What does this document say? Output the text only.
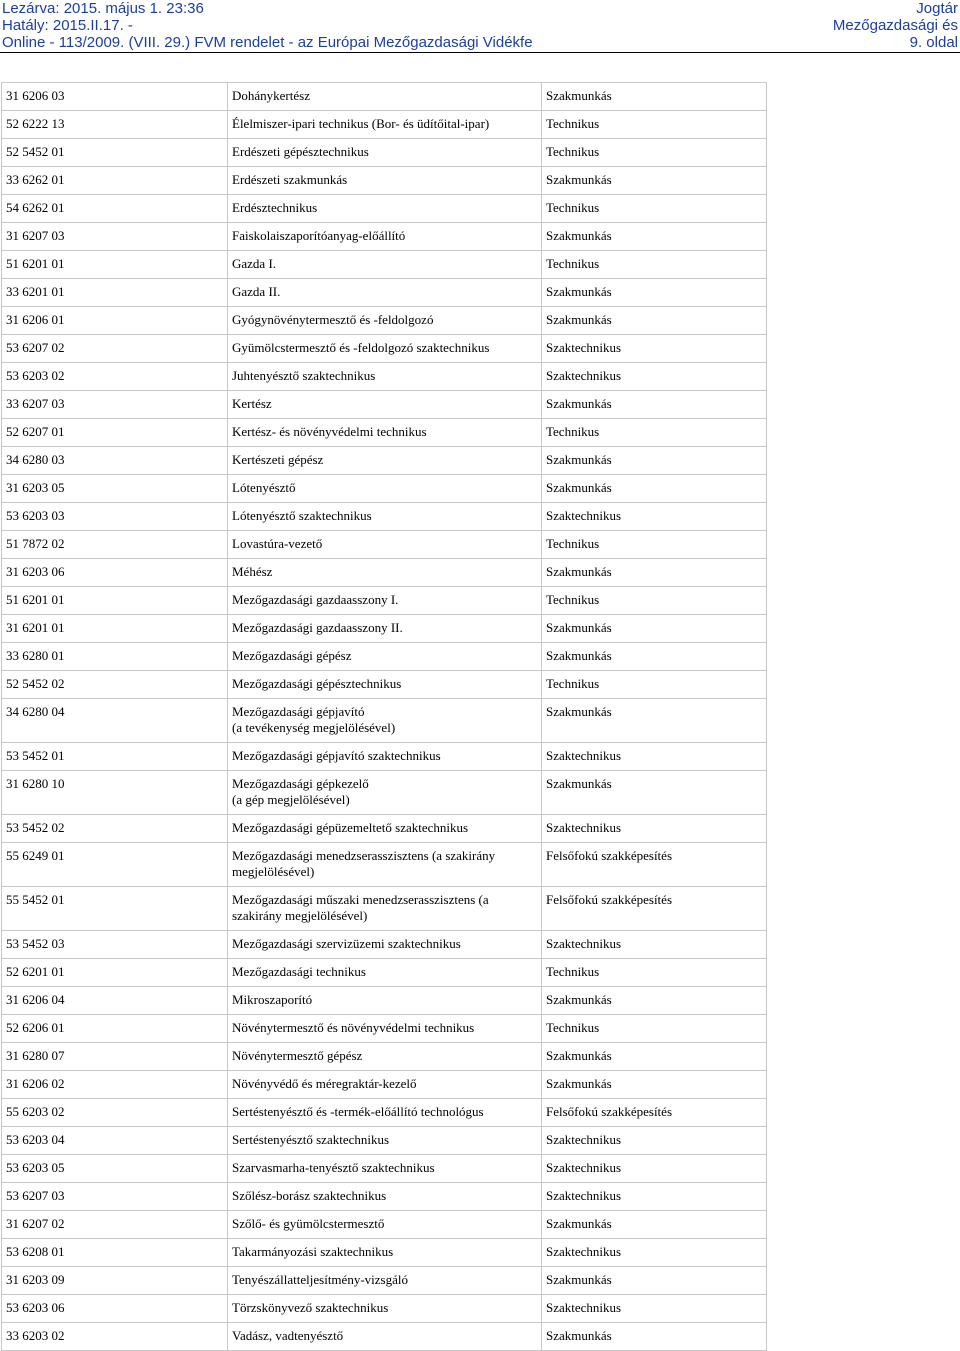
Lezárva: 2015. május 1. 23:36
Hatály: 2015.II.17. -
Online - 113/2009. (VIII. 29.) FVM rendelet - az Európai Mezőgazdasági Vidékfe
Jogtár
Mezőgazdasági és
9. oldal
31 6206 03	Dohánykertész	Szakmunkás
52 6222 13	Élelmiszer-ipari technikus (Bor- és üdítőital-ipar)	Technikus
52 5452 01	Erdészeti gépésztechnikus	Technikus
33 6262 01	Erdészeti szakmunkás	Szakmunkás
54 6262 01	Erdésztechnikus	Technikus
31 6207 03	Faiskolaiszaporítóanyag-előállító	Szakmunkás
51 6201 01	Gazda I.	Technikus
33 6201 01	Gazda II.	Szakmunkás
31 6206 01	Gyógynövénytermesztő és -feldolgozó	Szakmunkás
53 6207 02	Gyümölcstermesztő és -feldolgozó szaktechnikus	Szaktechnikus
53 6203 02	Juhtenyésztő szaktechnikus	Szaktechnikus
33 6207 03	Kertész	Szakmunkás
52 6207 01	Kertész- és növényvédelmi technikus	Technikus
34 6280 03	Kertészeti gépész	Szakmunkás
31 6203 05	Lótenyésztő	Szakmunkás
53 6203 03	Lótenyésztő szaktechnikus	Szaktechnikus
51 7872 02	Lovastúra-vezető	Technikus
31 6203 06	Méhész	Szakmunkás
51 6201 01	Mezőgazdasági gazdaasszony I.	Technikus
31 6201 01	Mezőgazdasági gazdaasszony II.	Szakmunkás
33 6280 01	Mezőgazdasági gépész	Szakmunkás
52 5452 02	Mezőgazdasági gépésztechnikus	Technikus
34 6280 04	Mezőgazdasági gépjavító
(a tevékenység megjelölésével)	Szakmunkás
53 5452 01	Mezőgazdasági gépjavító szaktechnikus	Szaktechnikus
31 6280 10	Mezőgazdasági gépkezelő
(a gép megjelölésével)	Szakmunkás
53 5452 02	Mezőgazdasági gépüzemeltető szaktechnikus	Szaktechnikus
55 6249 01	Mezőgazdasági menedzserasszisztens (a szakirány
megjelölésével)	Felsőfokú szakképesítés
55 5452 01	Mezőgazdasági műszaki menedzserasszisztens (a
szakirány megjelölésével)	Felsőfokú szakképesítés
53 5452 03	Mezőgazdasági szervizüzemi szaktechnikus	Szaktechnikus
52 6201 01	Mezőgazdasági technikus	Technikus
31 6206 04	Mikroszaporító	Szakmunkás
52 6206 01	Növénytermesztő és növényvédelmi technikus	Technikus
31 6280 07	Növénytermesztő gépész	Szakmunkás
31 6206 02	Növényvédő és méregraktár-kezelő	Szakmunkás
55 6203 02	Sertéstenyésztő és -termék-előállító technológus	Felsőfokú szakképesítés
53 6203 04	Sertéstenyésztő szaktechnikus	Szaktechnikus
53 6203 05	Szarvasmarha-tenyésztő szaktechnikus	Szaktechnikus
53 6207 03	Szőlész-borász szaktechnikus	Szaktechnikus
31 6207 02	Szőlő- és gyümölcstermesztő	Szakmunkás
53 6208 01	Takarmányozási szaktechnikus	Szaktechnikus
31 6203 09	Tenyészállatteljesítmény-vizsgáló	Szakmunkás
53 6203 06	Törzskönyvező szaktechnikus	Szaktechnikus
33 6203 02	Vadász, vadtenyésztő	Szakmunkás
